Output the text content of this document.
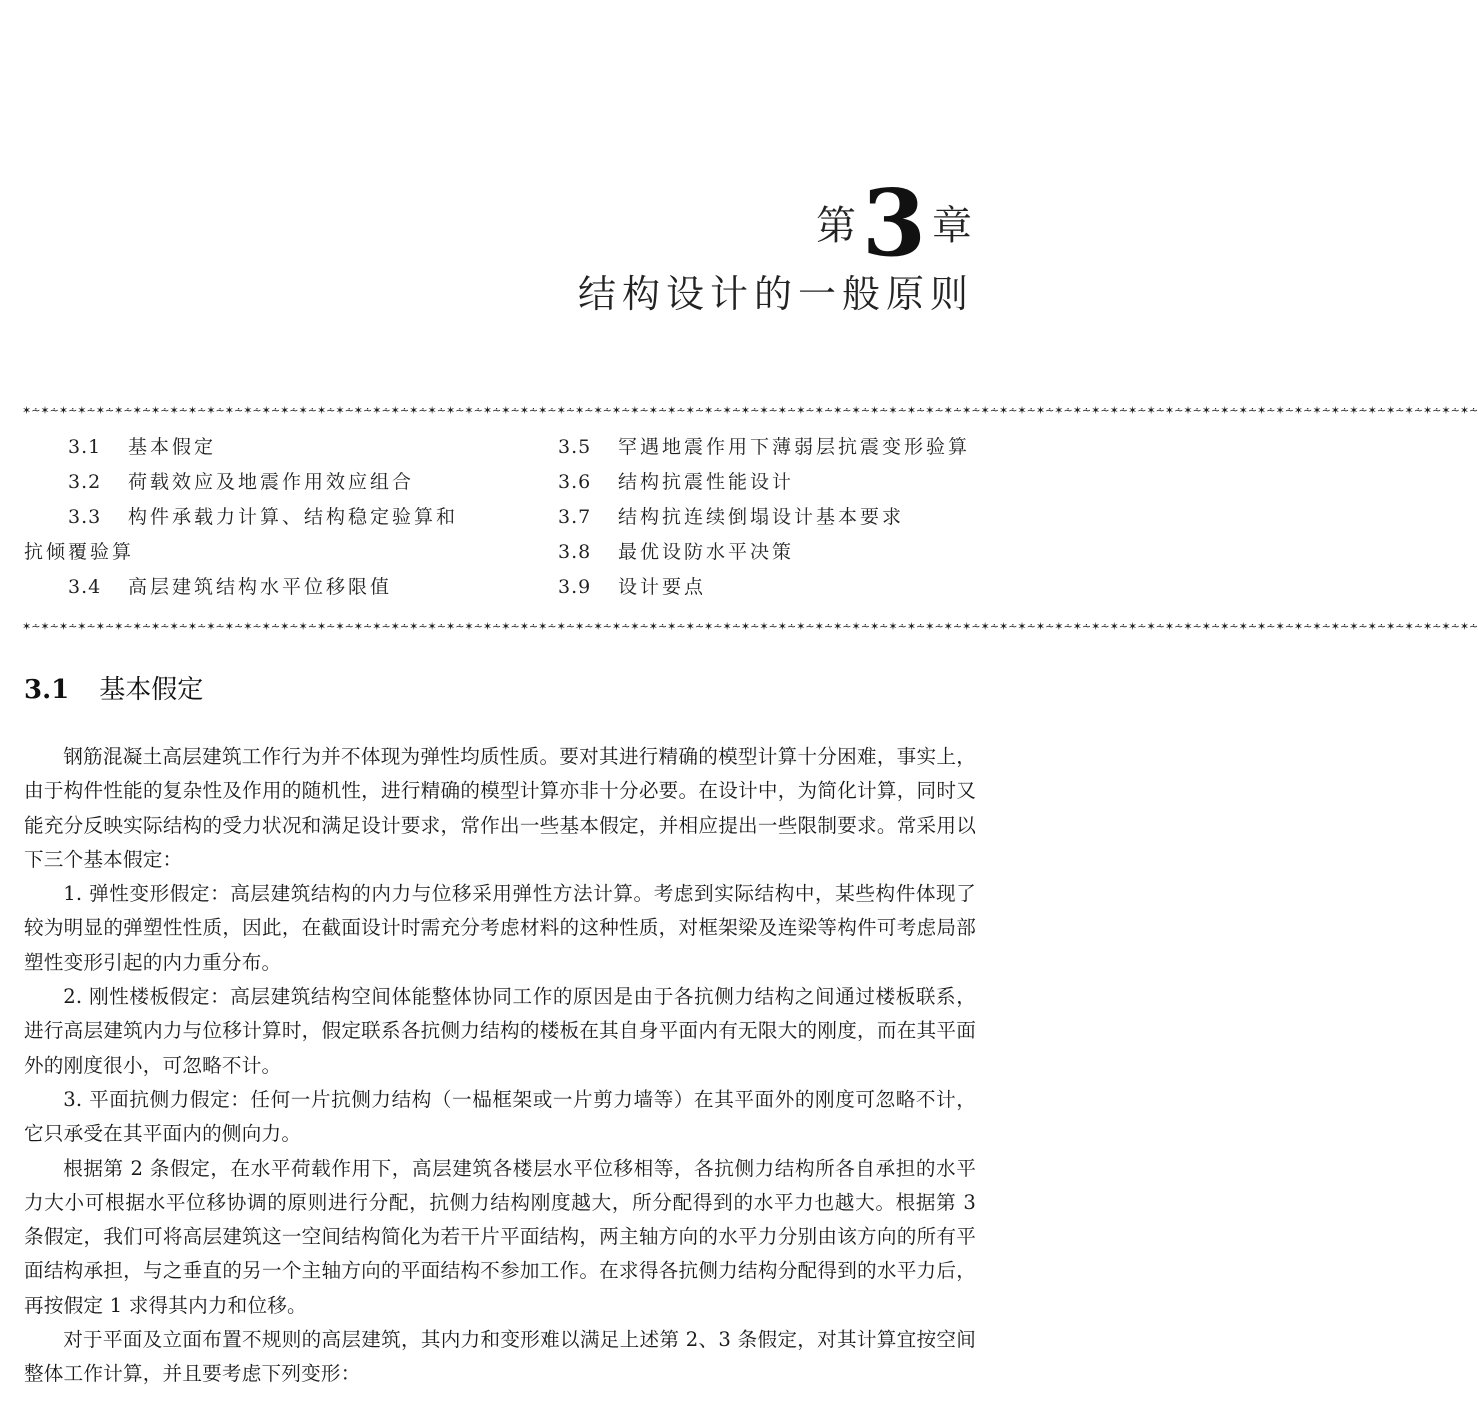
第 3 章
结构设计的一般原则
✶⩪✶⩪✶⩪✶⩪✶⩪✶⩪✶⩪✶⩪✶⩪✶⩪✶⩪✶⩪✶⩪✶⩪✶⩪✶⩪✶⩪✶⩪✶⩪✶⩪✶⩪✶⩪✶⩪✶⩪✶⩪✶⩪✶⩪✶⩪✶⩪✶⩪✶⩪✶⩪✶⩪✶⩪✶⩪✶⩪✶⩪✶⩪✶⩪✶⩪✶⩪✶⩪✶⩪✶⩪✶⩪✶⩪✶⩪✶⩪✶⩪✶⩪✶⩪✶⩪✶⩪✶⩪✶⩪✶⩪✶⩪✶⩪✶⩪✶⩪✶⩪✶⩪✶⩪✶⩪✶⩪✶⩪✶⩪✶⩪✶⩪✶⩪✶⩪✶⩪✶⩪✶⩪✶⩪✶⩪✶⩪✶⩪✶⩪
3.1 基本假定
3.2 荷载效应及地震作用效应组合
3.3 构件承载力计算、结构稳定验算和
抗倾覆验算
3.4 高层建筑结构水平位移限值
3.5 罕遇地震作用下薄弱层抗震变形验算
3.6 结构抗震性能设计
3.7 结构抗连续倒塌设计基本要求
3.8 最优设防水平决策
3.9 设计要点
✶⩪✶⩪✶⩪✶⩪✶⩪✶⩪✶⩪✶⩪✶⩪✶⩪✶⩪✶⩪✶⩪✶⩪✶⩪✶⩪✶⩪✶⩪✶⩪✶⩪✶⩪✶⩪✶⩪✶⩪✶⩪✶⩪✶⩪✶⩪✶⩪✶⩪✶⩪✶⩪✶⩪✶⩪✶⩪✶⩪✶⩪✶⩪✶⩪✶⩪✶⩪✶⩪✶⩪✶⩪✶⩪✶⩪✶⩪✶⩪✶⩪✶⩪✶⩪✶⩪✶⩪✶⩪✶⩪✶⩪✶⩪✶⩪✶⩪✶⩪✶⩪✶⩪✶⩪✶⩪✶⩪✶⩪✶⩪✶⩪✶⩪✶⩪✶⩪✶⩪✶⩪✶⩪✶⩪✶⩪✶⩪✶⩪✶⩪
3.1 基本假定

钢筋混凝土高层建筑工作行为并不体现为弹性均质性质。要对其进行精确的模型计算十分困难，事实上，由于构件性能的复杂性及作用的随机性，进行精确的模型计算亦非十分必要。在设计中，为简化计算，同时又能充分反映实际结构的受力状况和满足设计要求，常作出一些基本假定，并相应提出一些限制要求。常采用以下三个基本假定：

1. 弹性变形假定：高层建筑结构的内力与位移采用弹性方法计算。考虑到实际结构中，某些构件体现了较为明显的弹塑性性质，因此，在截面设计时需充分考虑材料的这种性质，对框架梁及连梁等构件可考虑局部塑性变形引起的内力重分布。

2. 刚性楼板假定：高层建筑结构空间体能整体协同工作的原因是由于各抗侧力结构之间通过楼板联系，进行高层建筑内力与位移计算时，假定联系各抗侧力结构的楼板在其自身平面内有无限大的刚度，而在其平面外的刚度很小，可忽略不计。

3. 平面抗侧力假定：任何一片抗侧力结构（一榀框架或一片剪力墙等）在其平面外的刚度可忽略不计，它只承受在其平面内的侧向力。

根据第 2 条假定，在水平荷载作用下，高层建筑各楼层水平位移相等，各抗侧力结构所各自承担的水平力大小可根据水平位移协调的原则进行分配，抗侧力结构刚度越大，所分配得到的水平力也越大。根据第 3 条假定，我们可将高层建筑这一空间结构简化为若干片平面结构，两主轴方向的水平力分别由该方向的所有平面结构承担，与之垂直的另一个主轴方向的平面结构不参加工作。在求得各抗侧力结构分配得到的水平力后，再按假定 1 求得其内力和位移。

对于平面及立面布置不规则的高层建筑，其内力和变形难以满足上述第 2、3 条假定，对其计算宜按空间整体工作计算，并且要考虑下列变形：
